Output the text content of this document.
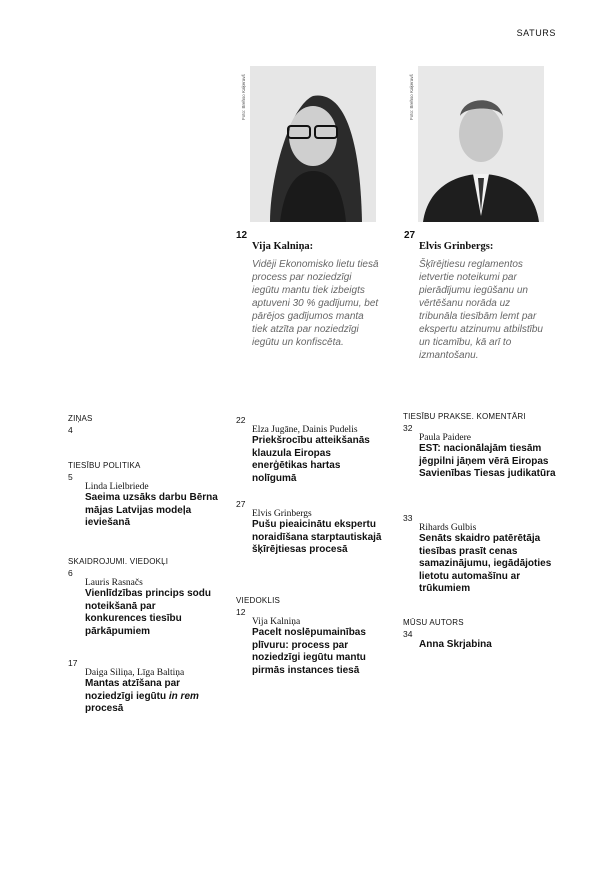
SATURS
Foto: Brehso Kaķeravš
12
Vija Kalniņa:
Vidēji Ekonomisko lietu tiesā process par noziedzīgi iegūtu mantu tiek izbeigts aptuveni 30 % gadījumu, bet pārējos gadījumos manta tiek atzīta par noziedzīgi iegūtu un konfiscēta.
Foto: Brehso Kaķeravš
27
Elvis Grinbergs:
Šķīrējtiesu reglamentos ietvertie noteikumi par pierādījumu iegūšanu un vērtēšanu norāda uz tribunāla tiesībām lemt par ekspertu atzinumu atbilstību un ticamību, kā arī to izmantošanu.
ZIŅAS
4
TIESĪBU POLITIKA
5
Linda Lielbriede
Saeima uzsāks darbu Bērna mājas Latvijas modeļa ieviešanā
SKAIDROJUMI. VIEDOKĻI
6
Lauris Rasnačs
Vienlīdzības princips sodu noteikšanā par konkurences tiesību pārkāpumiem
17
Daiga Siliņa, Līga Baltiņa
Mantas atzīšana par noziedzīgi iegūtu in rem procesā
22
Elza Jugāne, Dainis Pudelis
Priekšrocību atteikšanās klauzula Eiropas enerģētikas hartas nolīgumā
27
Elvis Grinbergs
Pušu pieaicinātu ekspertu noraidīšana starptautiskajā šķīrējtiesas procesā
VIEDOKLIS
12
Vija Kalniņa
Pacelt noslēpumainības plīvuru: process par noziedzīgi iegūtu mantu pirmās instances tiesā
TIESĪBU PRAKSE. KOMENTĀRI
32
Paula Paidere
EST: nacionālajām tiesām jēgpilni jāņem vērā Eiropas Savienības Tiesas judikatūra
33
Rihards Gulbis
Senāts skaidro patērētāja tiesības prasīt cenas samazinājumu, iegādājoties lietotu automašīnu ar trūkumiem
MŪSU AUTORS
34
Anna Skrjabina
